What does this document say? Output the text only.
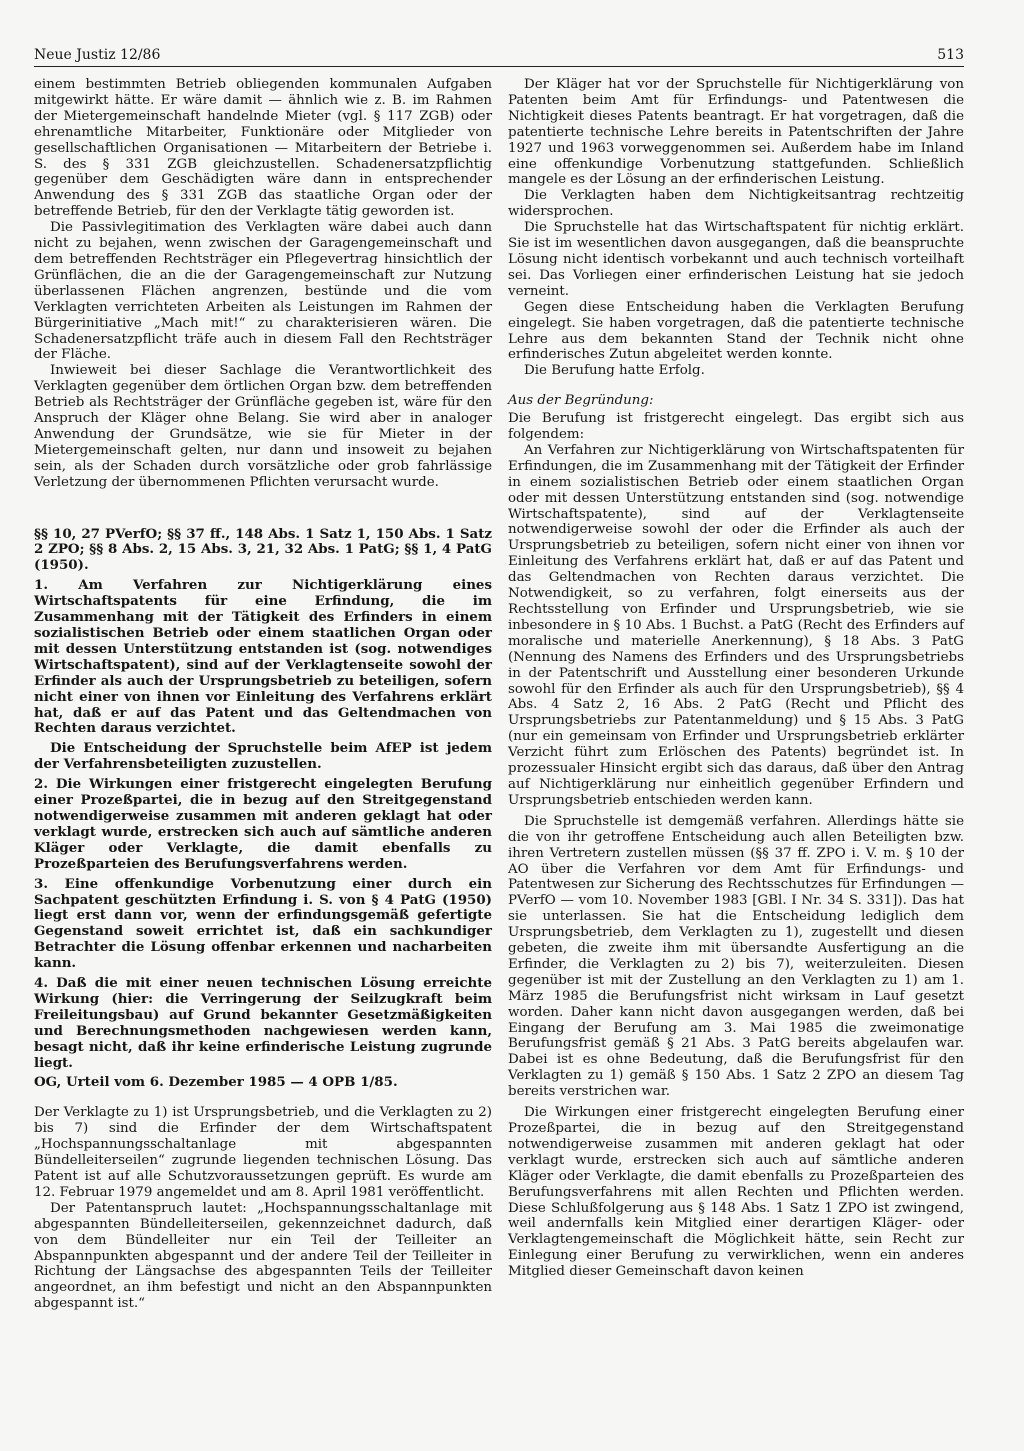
Neue Justiz 12/86	513

einem bestimmten Betrieb obliegenden kommunalen Aufgaben mitgewirkt hätte. Er wäre damit — ähnlich wie z. B. im Rahmen der Mietergemeinschaft handelnde Mieter (vgl. § 117 ZGB) oder ehrenamtliche Mitarbeiter, Funktionäre oder Mitglieder von gesellschaftlichen Organisationen — Mitarbeitern der Betriebe i. S. des § 331 ZGB gleichzustellen. Schadenersatzpflichtig gegenüber dem Geschädigten wäre dann in entsprechender Anwendung des § 331 ZGB das staatliche Organ oder der betreffende Betrieb, für den der Verklagte tätig geworden ist.

Die Passivlegitimation des Verklagten wäre dabei auch dann nicht zu bejahen, wenn zwischen der Garagengemeinschaft und dem betreffenden Rechtsträger ein Pflegevertrag hinsichtlich der Grünflächen, die an die der Garagengemeinschaft zur Nutzung überlassenen Flächen angrenzen, bestünde und die vom Verklagten verrichteten Arbeiten als Leistungen im Rahmen der Bürgerinitiative „Mach mit!“ zu charakterisieren wären. Die Schadenersatzpflicht träfe auch in diesem Fall den Rechtsträger der Fläche.

Inwieweit bei dieser Sachlage die Verantwortlichkeit des Verklagten gegenüber dem örtlichen Organ bzw. dem betreffenden Betrieb als Rechtsträger der Grünfläche gegeben ist, wäre für den Anspruch der Kläger ohne Belang. Sie wird aber in analoger Anwendung der Grundsätze, wie sie für Mieter in der Mietergemeinschaft gelten, nur dann und insoweit zu bejahen sein, als der Schaden durch vorsätzliche oder grob fahrlässige Verletzung der übernommenen Pflichten verursacht wurde.

§§ 10, 27 PVerfO; §§ 37 ff., 148 Abs. 1 Satz 1, 150 Abs. 1 Satz 2 ZPO; §§ 8 Abs. 2, 15 Abs. 3, 21, 32 Abs. 1 PatG; §§ 1, 4 PatG (1950).

1. Am Verfahren zur Nichtigerklärung eines Wirtschaftspatents für eine Erfindung, die im Zusammenhang mit der Tätigkeit des Erfinders in einem sozialistischen Betrieb oder einem staatlichen Organ oder mit dessen Unterstützung entstanden ist (sog. notwendiges Wirtschaftspatent), sind auf der Verklagtenseite sowohl der Erfinder als auch der Ursprungsbetrieb zu beteiligen, sofern nicht einer von ihnen vor Einleitung des Verfahrens erklärt hat, daß er auf das Patent und das Geltendmachen von Rechten daraus verzichtet.

Die Entscheidung der Spruchstelle beim AfEP ist jedem der Verfahrensbeteiligten zuzustellen.

2. Die Wirkungen einer fristgerecht eingelegten Berufung einer Prozeßpartei, die in bezug auf den Streitgegenstand notwendigerweise zusammen mit anderen geklagt hat oder verklagt wurde, erstrecken sich auch auf sämtliche anderen Kläger oder Verklagte, die damit ebenfalls zu Prozeßparteien des Berufungsverfahrens werden.

3. Eine offenkundige Vorbenutzung einer durch ein Sachpatent geschützten Erfindung i. S. von § 4 PatG (1950) liegt erst dann vor, wenn der erfindungsgemäß gefertigte Gegenstand soweit errichtet ist, daß ein sachkundiger Betrachter die Lösung offenbar erkennen und nacharbeiten kann.

4. Daß die mit einer neuen technischen Lösung erreichte Wirkung (hier: die Verringerung der Seilzugkraft beim Freileitungsbau) auf Grund bekannter Gesetzmäßigkeiten und Berechnungsmethoden nachgewiesen werden kann, besagt nicht, daß ihr keine erfinderische Leistung zugrunde liegt.

OG, Urteil vom 6. Dezember 1985 — 4 OPB 1/85.

Der Verklagte zu 1) ist Ursprungsbetrieb, und die Verklagten zu 2) bis 7) sind die Erfinder der dem Wirtschaftspatent „Hochspannungsschaltanlage mit abgespannten Bündelleiterseilen“ zugrunde liegenden technischen Lösung. Das Patent ist auf alle Schutzvoraussetzungen geprüft. Es wurde am 12. Februar 1979 angemeldet und am 8. April 1981 veröffentlicht.

Der Patentanspruch lautet: „Hochspannungsschaltanlage mit abgespannten Bündelleiterseilen, gekennzeichnet dadurch, daß von dem Bündelleiter nur ein Teil der Teilleiter an Abspannpunkten abgespannt und der andere Teil der Teilleiter in Richtung der Längsachse des abgespannten Teils der Teilleiter angeordnet, an ihm befestigt und nicht an den Abspannpunkten abgespannt ist.“

Der Kläger hat vor der Spruchstelle für Nichtigerklärung von Patenten beim Amt für Erfindungs- und Patentwesen die Nichtigkeit dieses Patents beantragt. Er hat vorgetragen, daß die patentierte technische Lehre bereits in Patentschriften der Jahre 1927 und 1963 vorweggenommen sei. Außerdem habe im Inland eine offenkundige Vorbenutzung stattgefunden. Schließlich mangele es der Lösung an der erfinderischen Leistung.

Die Verklagten haben dem Nichtigkeitsantrag rechtzeitig widersprochen.

Die Spruchstelle hat das Wirtschaftspatent für nichtig erklärt. Sie ist im wesentlichen davon ausgegangen, daß die beanspruchte Lösung nicht identisch vorbekannt und auch technisch vorteilhaft sei. Das Vorliegen einer erfinderischen Leistung hat sie jedoch verneint.

Gegen diese Entscheidung haben die Verklagten Berufung eingelegt. Sie haben vorgetragen, daß die patentierte technische Lehre aus dem bekannten Stand der Technik nicht ohne erfinderisches Zutun abgeleitet werden konnte.

Die Berufung hatte Erfolg.

Aus der Begründung:

Die Berufung ist fristgerecht eingelegt. Das ergibt sich aus folgendem:

An Verfahren zur Nichtigerklärung von Wirtschaftspatenten für Erfindungen, die im Zusammenhang mit der Tätigkeit der Erfinder in einem sozialistischen Betrieb oder einem staatlichen Organ oder mit dessen Unterstützung entstanden sind (sog. notwendige Wirtschaftspatente), sind auf der Verklagtenseite notwendigerweise sowohl der oder die Erfinder als auch der Ursprungsbetrieb zu beteiligen, sofern nicht einer von ihnen vor Einleitung des Verfahrens erklärt hat, daß er auf das Patent und das Geltendmachen von Rechten daraus verzichtet. Die Notwendigkeit, so zu verfahren, folgt einerseits aus der Rechtsstellung von Erfinder und Ursprungsbetrieb, wie sie inbesondere in § 10 Abs. 1 Buchst. a PatG (Recht des Erfinders auf moralische und materielle Anerkennung), § 18 Abs. 3 PatG (Nennung des Namens des Erfinders und des Ursprungsbetriebs in der Patentschrift und Ausstellung einer besonderen Urkunde sowohl für den Erfinder als auch für den Ursprungsbetrieb), §§ 4 Abs. 4 Satz 2, 16 Abs. 2 PatG (Recht und Pflicht des Ursprungsbetriebs zur Patentanmeldung) und § 15 Abs. 3 PatG (nur ein gemeinsam von Erfinder und Ursprungsbetrieb erklärter Verzicht führt zum Erlöschen des Patents) begründet ist. In prozessualer Hinsicht ergibt sich das daraus, daß über den Antrag auf Nichtigerklärung nur einheitlich gegenüber Erfindern und Ursprungsbetrieb entschieden werden kann.

Die Spruchstelle ist demgemäß verfahren. Allerdings hätte sie die von ihr getroffene Entscheidung auch allen Beteiligten bzw. ihren Vertretern zustellen müssen (§§ 37 ff. ZPO i. V. m. § 10 der AO über die Verfahren vor dem Amt für Erfindungs- und Patentwesen zur Sicherung des Rechtsschutzes für Erfindungen — PVerfO — vom 10. November 1983 [GBl. I Nr. 34 S. 331]). Das hat sie unterlassen. Sie hat die Entscheidung lediglich dem Ursprungsbetrieb, dem Verklagten zu 1), zugestellt und diesen gebeten, die zweite ihm mit übersandte Ausfertigung an die Erfinder, die Verklagten zu 2) bis 7), weiterzuleiten. Diesen gegenüber ist mit der Zustellung an den Verklagten zu 1) am 1. März 1985 die Berufungsfrist nicht wirksam in Lauf gesetzt worden. Daher kann nicht davon ausgegangen werden, daß bei Eingang der Berufung am 3. Mai 1985 die zweimonatige Berufungsfrist gemäß § 21 Abs. 3 PatG bereits abgelaufen war. Dabei ist es ohne Bedeutung, daß die Berufungsfrist für den Verklagten zu 1) gemäß § 150 Abs. 1 Satz 2 ZPO an diesem Tag bereits verstrichen war.

Die Wirkungen einer fristgerecht eingelegten Berufung einer Prozeßpartei, die in bezug auf den Streitgegenstand notwendigerweise zusammen mit anderen geklagt hat oder verklagt wurde, erstrecken sich auch auf sämtliche anderen Kläger oder Verklagte, die damit ebenfalls zu Prozeßparteien des Berufungsverfahrens mit allen Rechten und Pflichten werden. Diese Schlußfolgerung aus § 148 Abs. 1 Satz 1 ZPO ist zwingend, weil andernfalls kein Mitglied einer derartigen Kläger- oder Verklagtengemeinschaft die Möglichkeit hätte, sein Recht zur Einlegung einer Berufung zu verwirklichen, wenn ein anderes Mitglied dieser Gemeinschaft davon keinen
